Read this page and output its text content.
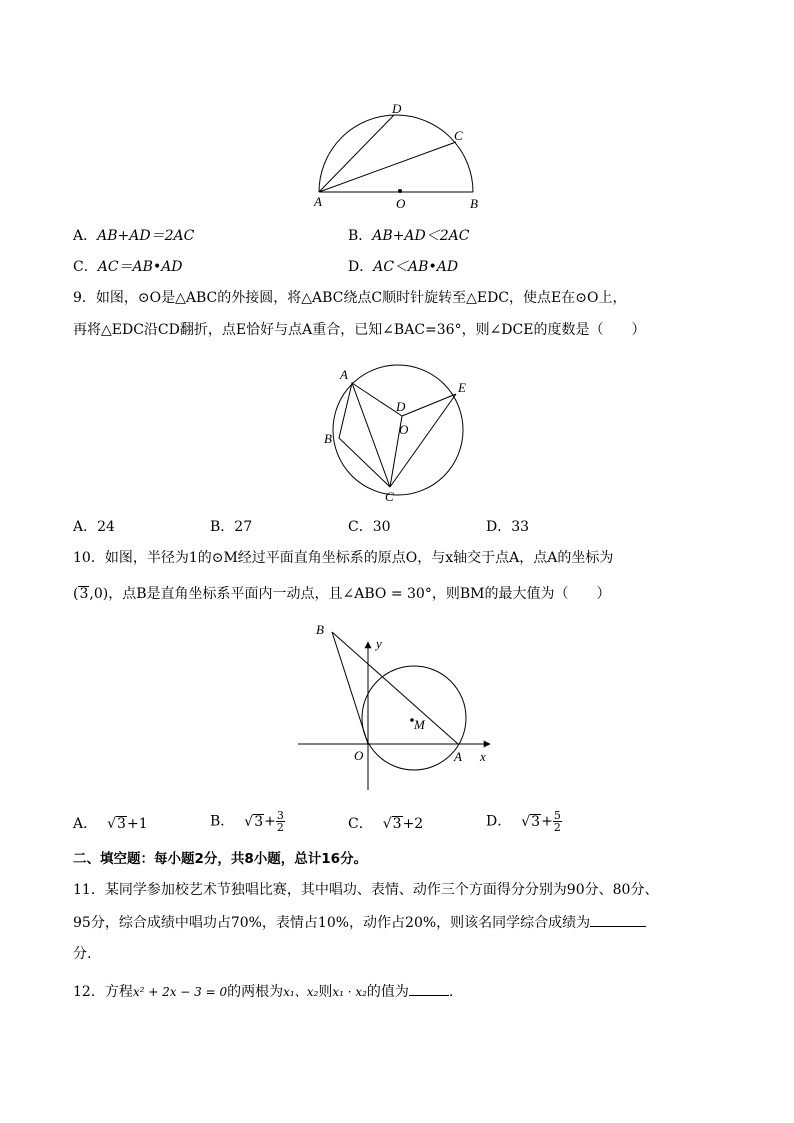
D
C
A	O	B
A．AB+AD＝2AC	B．AB+AD＜2AC
C．AC＝AB•AD	D．AC＜AB•AD
9．如图，⊙O是△ABC的外接圆，将△ABC绕点C顺时针旋转至△EDC，使点E在⊙O上，
再将△EDC沿CD翻折，点E恰好与点A重合，已知∠BAC=36°，则∠DCE的度数是（　　）
A
E
D
O
B
C
A．24	B．27	C．30	D．33
10．如图，半径为1的⊙M经过平面直角坐标系的原点O，与x轴交于点A，点A的坐标为
(3,0)，点B是直角坐标系平面内一动点，且∠ABO = 30°，则BM的最大值为（　　）
B
y
M
O	A x
A． √3+1	B． $√3+ \frac{3}{2}$	C． √3+2	D． $√3+ \frac{5}{2}$
二、填空题：每小题2分，共8小题，总计16分。
11．某同学参加校艺术节独唱比赛，其中唱功、表情、动作三个方面得分分别为90分、80分、
95分，综合成绩中唱功占70%，表情占10%，动作占20%，则该名同学综合成绩为
分.
12．方程x² + 2x − 3 = 0的两根为x₁、x₂则x₁ · x₂的值为	.
